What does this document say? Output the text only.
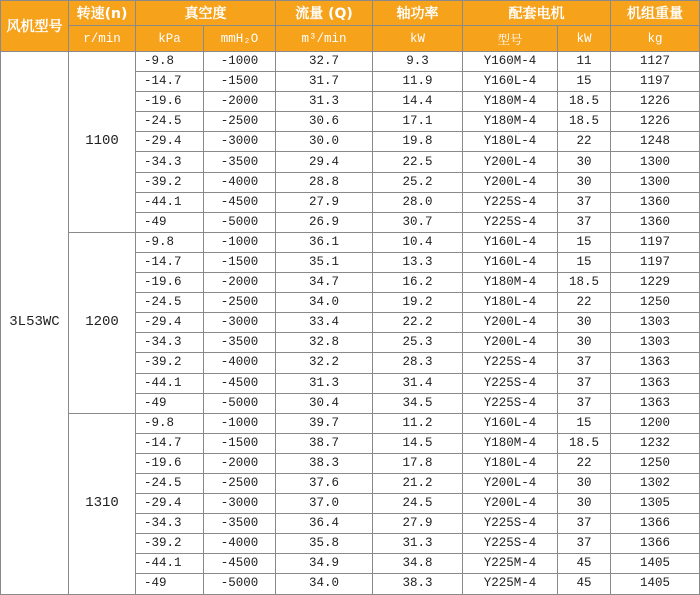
风机型号	转速(n)	真空度		流量 (Q)	轴功率	配套电机		机组重量
	r/min	kPa	mmH₂O	m³/min	kW	型号	kW	kg
3L53WC	1100	-9.8	-1000	32.7	9.3	Y160M-4	11	1127
		-14.7	-1500	31.7	11.9	Y160L-4	15	1197
		-19.6	-2000	31.3	14.4	Y180M-4	18.5	1226
		-24.5	-2500	30.6	17.1	Y180M-4	18.5	1226
		-29.4	-3000	30.0	19.8	Y180L-4	22	1248
		-34.3	-3500	29.4	22.5	Y200L-4	30	1300
		-39.2	-4000	28.8	25.2	Y200L-4	30	1300
		-44.1	-4500	27.9	28.0	Y225S-4	37	1360
		-49	-5000	26.9	30.7	Y225S-4	37	1360
	1200	-9.8	-1000	36.1	10.4	Y160L-4	15	1197
		-14.7	-1500	35.1	13.3	Y160L-4	15	1197
		-19.6	-2000	34.7	16.2	Y180M-4	18.5	1229
		-24.5	-2500	34.0	19.2	Y180L-4	22	1250
		-29.4	-3000	33.4	22.2	Y200L-4	30	1303
		-34.3	-3500	32.8	25.3	Y200L-4	30	1303
		-39.2	-4000	32.2	28.3	Y225S-4	37	1363
		-44.1	-4500	31.3	31.4	Y225S-4	37	1363
		-49	-5000	30.4	34.5	Y225S-4	37	1363
	1310	-9.8	-1000	39.7	11.2	Y160L-4	15	1200
		-14.7	-1500	38.7	14.5	Y180M-4	18.5	1232
		-19.6	-2000	38.3	17.8	Y180L-4	22	1250
		-24.5	-2500	37.6	21.2	Y200L-4	30	1302
		-29.4	-3000	37.0	24.5	Y200L-4	30	1305
		-34.3	-3500	36.4	27.9	Y225S-4	37	1366
		-39.2	-4000	35.8	31.3	Y225S-4	37	1366
		-44.1	-4500	34.9	34.8	Y225M-4	45	1405
		-49	-5000	34.0	38.3	Y225M-4	45	1405
